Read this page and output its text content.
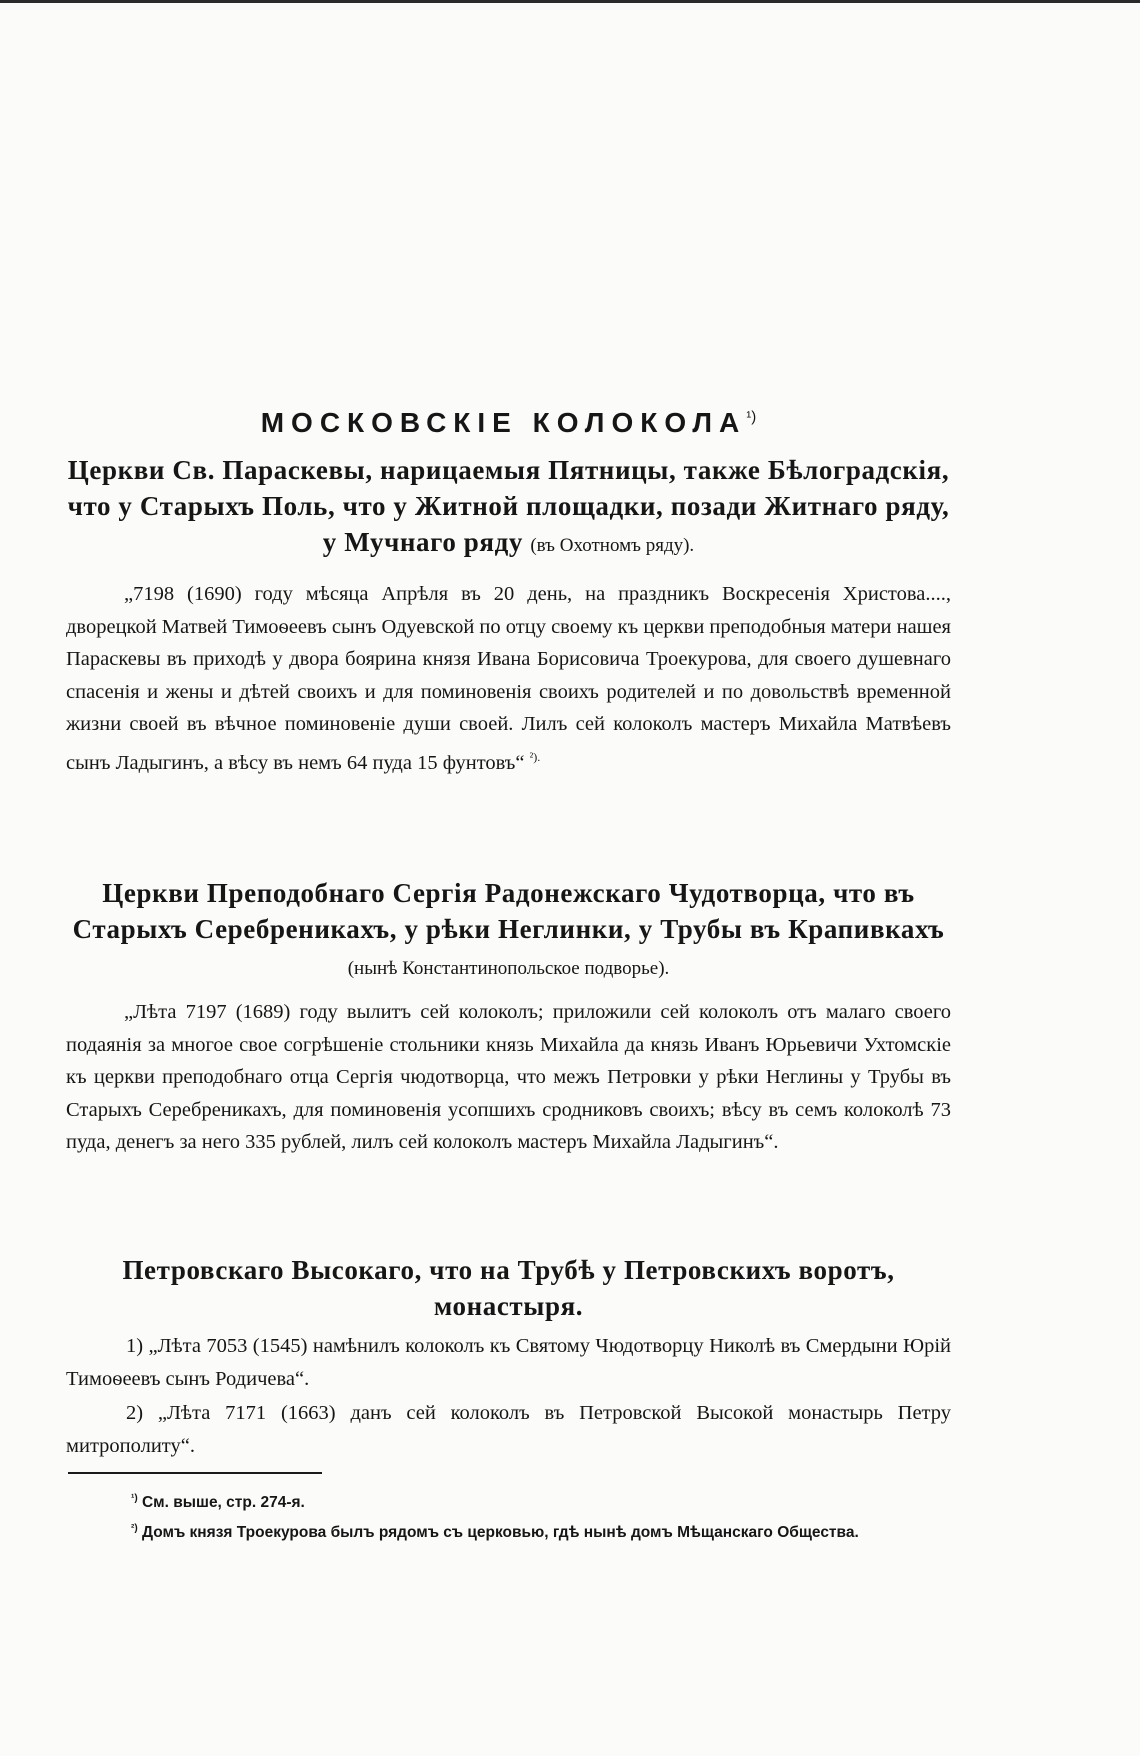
МОСКОВСКІЕ $КОЛОКОЛА^{^1)}$
Церкви Св. Параскевы, нарицаемыя Пятницы, также Бѣлоградскія, что у Старыхъ Поль, что у Житной площадки, позади Житнаго ряду, у Мучнаго ряду (въ Охотномъ ряду).

„7198 (1690) году мѣсяца Апрѣля въ 20 день, на праздникъ Воскресенія Христова...., дворецкой Матвей Тимоѳеевъ сынъ Одуевской по отцу своему къ церкви преподобныя матери нашея Параскевы въ приходѣ у двора боярина князя Ивана Борисовича Троекурова, для своего душевнаго спасенія и жены и дѣтей своихъ и для поминовенія своихъ родителей и по довольствѣ временной жизни своей въ вѣчное поминовеніе души своей. Лилъ сей колоколъ мастеръ Михайла Матвѣевъ сынъ Ладыгинъ, а вѣсу въ немъ 64 пуда 15 фунтовъ“ $^{^2).}$

Церкви Преподобнаго Сергія Радонежскаго Чудотворца, что въ Старыхъ Серебреникахъ, у рѣки Неглинки, у Трубы въ Крапивкахъ (нынѣ Константинопольское подворье).

„Лѣта 7197 (1689) году вылитъ сей колоколъ; приложили сей колоколъ отъ малаго своего подаянія за многое свое согрѣшеніе стольники князь Михайла да князь Иванъ Юрьевичи Ухтомскіе къ церкви преподобнаго отца Сергія чюдотворца, что межъ Петровки у рѣки Неглины у Трубы въ Старыхъ Серебреникахъ, для поминовенія усопшихъ сродниковъ своихъ; вѣсу въ семъ колоколѣ 73 пуда, денегъ за него 335 рублей, лилъ сей колоколъ мастеръ Михайла Ладыгинъ“.

Петровскаго Высокаго, что на Трубѣ у Петровскихъ воротъ, монастыря.

1) „Лѣта 7053 (1545) намѣнилъ колоколъ къ Святому Чюдотворцу Николѣ въ Смердыни Юрій Тимоѳеевъ сынъ Родичева“.

2) „Лѣта 7171 (1663) данъ сей колоколъ въ Петровской Высокой монастырь Петру митрополиту“.

$^{^1)}$ См. выше, стр. 274-я.

$^{^2)}$ Домъ князя Троекурова былъ рядомъ съ церковью, гдѣ нынѣ домъ Мѣщанскаго Общества.
